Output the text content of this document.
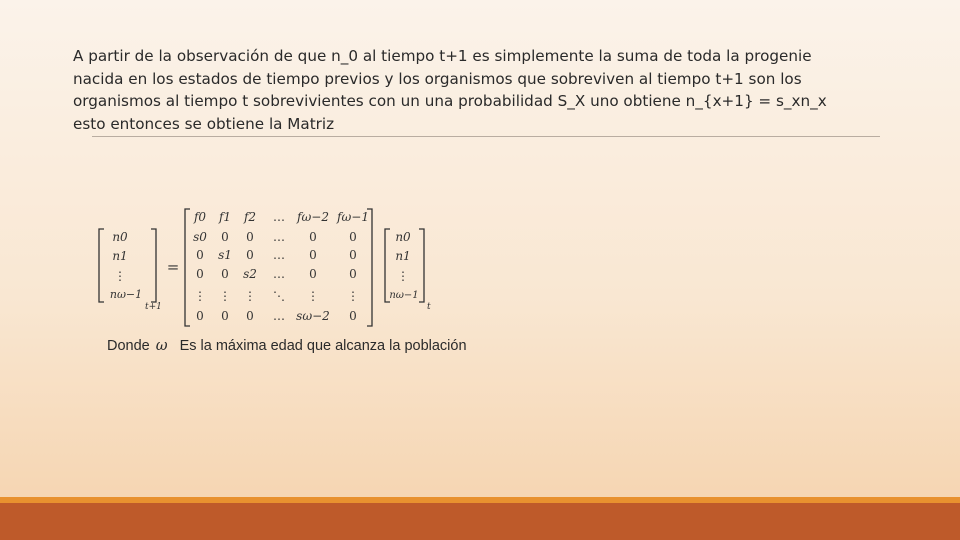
A partir de la observación de que n_0 al tiempo t+1 es simplemente la suma de toda la progenie
nacida en los estados de tiempo previos y los organismos que sobreviven al tiempo t+1 son los
organismos al tiempo t sobrevivientes con un una probabilidad S_X uno obtiene n_{x+1} = s_xn_x
esto entonces se obtiene la Matriz

n0
n1
⋮
nω−1
t+1
=
f0 f1 f2 … fω−2 fω−1
s0 0 0 … 0	0
0 s1 0 … 0	0
0 0 s2 … 0	0
⋮ ⋮ ⋮ ⋱ ⋮ ⋮
0 0 0 … sω−2 0
n0
n1
⋮
nω−1
t
Donde ω Es la máxima edad que alcanza la población
